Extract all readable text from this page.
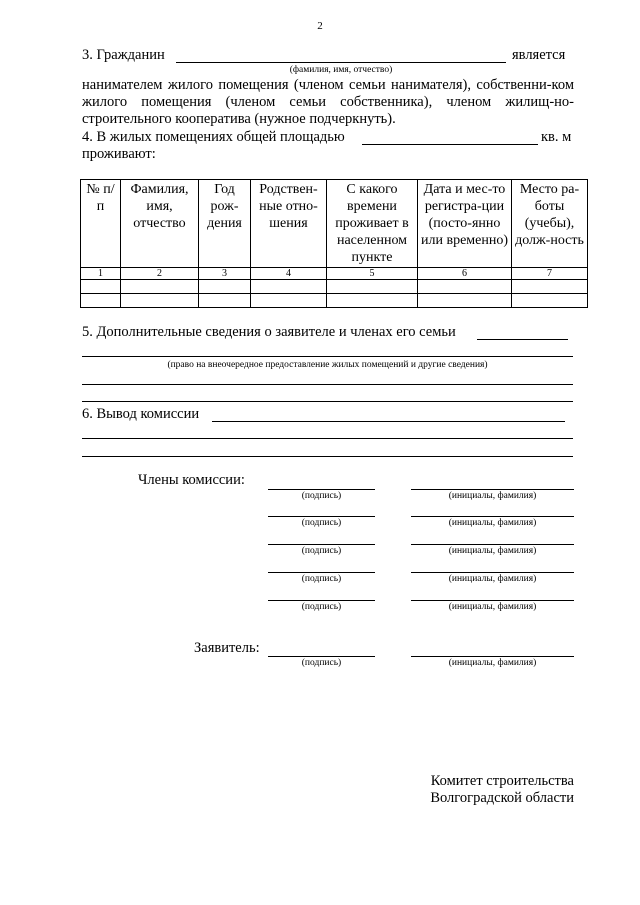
2
3. Гражданин	является
(фамилия, имя, отчество)
нанимателем жилого помещения (членом семьи нанимателя), собственни-ком жилого помещения (членом семьи собственника), членом жилищ-но-строительного кооператива (нужное подчеркнуть).
4. В жилых помещениях общей площадью	кв. м
проживают:
№ п/п	Фамилия, имя, отчество	Год рож-дения	Родствен-ные отно-шения	С какого времени проживает в населенном пункте	Дата и мес-то регистра-ции (посто-янно или временно)	Место ра-боты (учебы), долж-ность
1	2	3	4	5	6	7

5. Дополнительные сведения о заявителе и членах его семьи
(право на внеочередное предоставление жилых помещений и другие сведения)
6. Вывод комиссии
Члены комиссии:
(подпись)	(инициалы, фамилия)
(подпись)	(инициалы, фамилия)
(подпись)	(инициалы, фамилия)
(подпись)	(инициалы, фамилия)
(подпись)	(инициалы, фамилия)
Заявитель:
(подпись)	(инициалы, фамилия)
Комитет строительства
Волгоградской области
